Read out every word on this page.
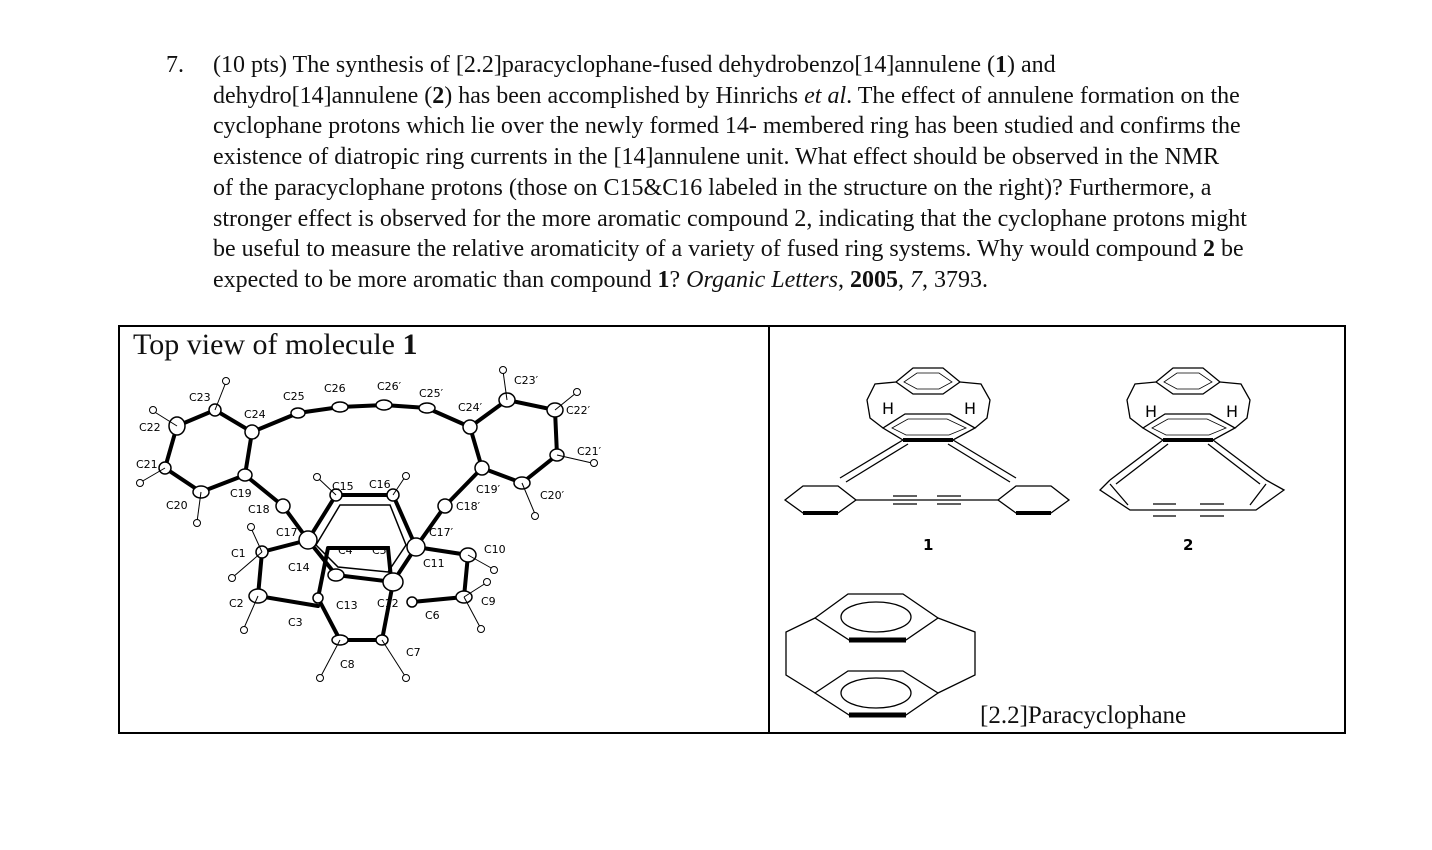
7. (10 pts) The synthesis of [2.2]paracyclophane-fused dehydrobenzo[14]annulene (1) and
dehydro[14]annulene (2) has been accomplished by Hinrichs et al. The effect of annulene formation on the
cyclophane protons which lie over the newly formed 14- membered ring has been studied and confirms the
existence of diatropic ring currents in the [14]annulene unit. What effect should be observed in the NMR
of the paracyclophane protons (those on C15&C16 labeled in the structure on the right)? Furthermore, a
stronger effect is observed for the more aromatic compound 2, indicating that the cyclophane protons might
be useful to measure the relative aromaticity of a variety of fused ring systems. Why would compound 2 be
expected to be more aromatic than compound 1? Organic Letters, 2005, 7, 3793.
Top view of molecule 1
C23
C24
C25
C26	C26′
C25′
C24′
C23′
C22′
C21′
C22
C21
C20
C19
C18
C17
C15 C16	C19′
C18′
C17′
C20′
C4 C5
C1
C14	C11
C10
C2	C13 C12
C6
C9
C3
C8
C7
H	H	H	H
1	2
[2.2]Paracyclophane
